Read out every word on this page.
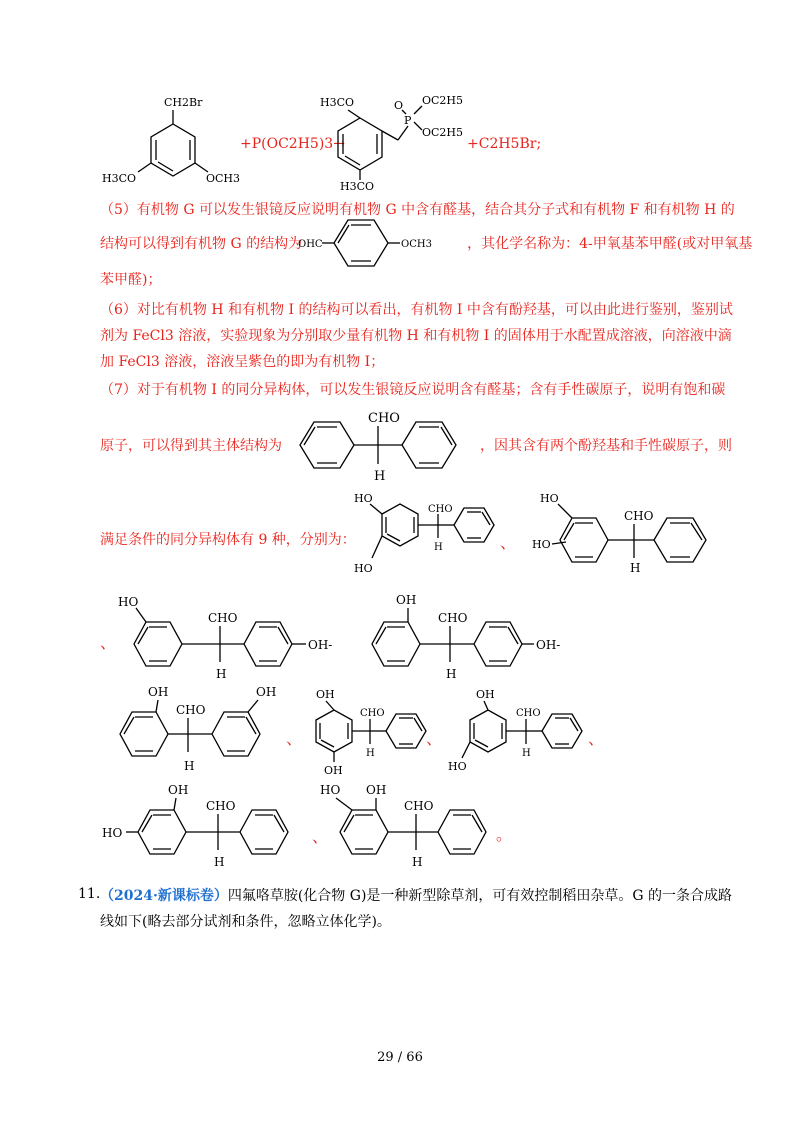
CH2Br
H3CO	OCH3
+P(OC2H5)3→
H3CO
H3CO
P
O OC2H5
OC2H5
+C2H5Br;
（5）有机物 G 可以发生银镜反应说明有机物 G 中含有醛基，结合其分子式和有机物 F 和有机物 H 的
结构可以得到有机物 G 的结构为	，其化学名称为：4-甲氧基苯甲醛(或对甲氧基
OHC	OCH3
苯甲醛)；
（6）对比有机物 H 和有机物 I 的结构可以看出，有机物 I 中含有酚羟基，可以由此进行鉴别，鉴别试
剂为 FeCl3 溶液，实验现象为分别取少量有机物 H 和有机物 I 的固体用于水配置成溶液，向溶液中滴
加 FeCl3 溶液，溶液呈紫色的即为有机物 I；
（7）对于有机物 I 的同分异构体，可以发生银镜反应说明含有醛基；含有手性碳原子，说明有饱和碳
原子，可以得到其主体结构为	，因其含有两个酚羟基和手性碳原子，则
CHO
H
满足条件的同分异构体有 9 种，分别为：
HO
HO
CHO
H	、
HO
HO
CHO
H
、
HO
CHO
H
OH-
OH
CHO
H
OH-
OH
CHO
H
OH
、
OH
OH
CHO
H
、
OH
HO
CHO
H
、
OH
HO
CHO
H
、
HO OH
CHO
H
。
11. （2024·新课标卷）四氟咯草胺(化合物 G)是一种新型除草剂，可有效控制稻田杂草。G 的一条合成路
线如下(略去部分试剂和条件，忽略立体化学)。
29 / 66
